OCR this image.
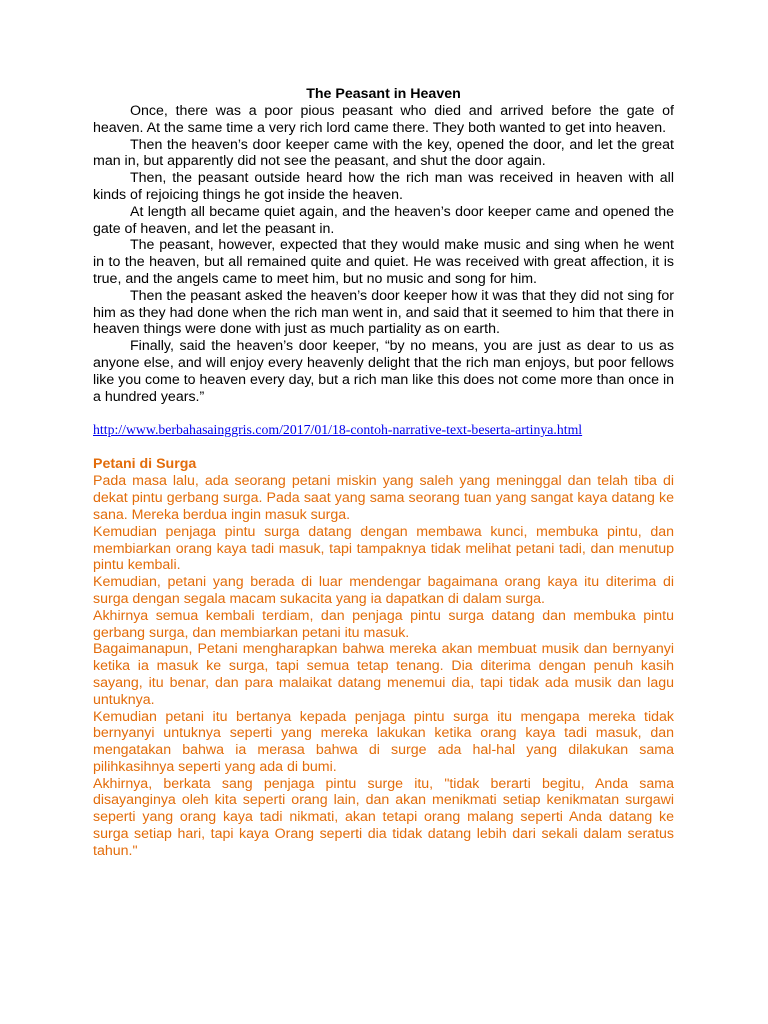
The Peasant in Heaven

Once, there was a poor pious peasant who died and arrived before the gate of heaven. At the same time a very rich lord came there. They both wanted to get into heaven.

Then the heaven’s door keeper came with the key, opened the door, and let the great man in, but apparently did not see the peasant, and shut the door again.

Then, the peasant outside heard how the rich man was received in heaven with all kinds of rejoicing things he got inside the heaven.

At length all became quiet again, and the heaven’s door keeper came and opened the gate of heaven, and let the peasant in.

The peasant, however, expected that they would make music and sing when he went in to the heaven, but all remained quite and quiet. He was received with great affection, it is true, and the angels came to meet him, but no music and song for him.

Then the peasant asked the heaven’s door keeper how it was that they did not sing for him as they had done when the rich man went in, and said that it seemed to him that there in heaven things were done with just as much partiality as on earth.

Finally, said the heaven’s door keeper, “by no means, you are just as dear to us as anyone else, and will enjoy every heavenly delight that the rich man enjoys, but poor fellows like you come to heaven every day, but a rich man like this does not come more than once in a hundred years.”

http://www.berbahasainggris.com/2017/01/18-contoh-narrative-text-beserta-artinya.html

Petani di Surga

Pada masa lalu, ada seorang petani miskin yang saleh yang meninggal dan telah tiba di dekat pintu gerbang surga. Pada saat yang sama seorang tuan yang sangat kaya datang ke sana. Mereka berdua ingin masuk surga.

Kemudian penjaga pintu surga datang dengan membawa kunci, membuka pintu, dan membiarkan orang kaya tadi masuk, tapi tampaknya tidak melihat petani tadi, dan menutup pintu kembali.

Kemudian, petani yang berada di luar mendengar bagaimana orang kaya itu diterima di surga dengan segala macam sukacita yang ia dapatkan di dalam surga.

Akhirnya semua kembali terdiam, dan penjaga pintu surga datang dan membuka pintu gerbang surga, dan membiarkan petani itu masuk.

Bagaimanapun, Petani mengharapkan bahwa mereka akan membuat musik dan bernyanyi ketika ia masuk ke surga, tapi semua tetap tenang. Dia diterima dengan penuh kasih sayang, itu benar, dan para malaikat datang menemui dia, tapi tidak ada musik dan lagu untuknya.

Kemudian petani itu bertanya kepada penjaga pintu surga itu mengapa mereka tidak bernyanyi untuknya seperti yang mereka lakukan ketika orang kaya tadi masuk, dan mengatakan bahwa ia merasa bahwa di surge ada hal-hal yang dilakukan sama pilihkasihnya seperti yang ada di bumi.

Akhirnya, berkata sang penjaga pintu surge itu, "tidak berarti begitu, Anda sama disayanginya oleh kita seperti orang lain, dan akan menikmati setiap kenikmatan surgawi seperti yang orang kaya tadi nikmati, akan tetapi orang malang seperti Anda datang ke surga setiap hari, tapi kaya Orang seperti dia tidak datang lebih dari sekali dalam seratus tahun."
